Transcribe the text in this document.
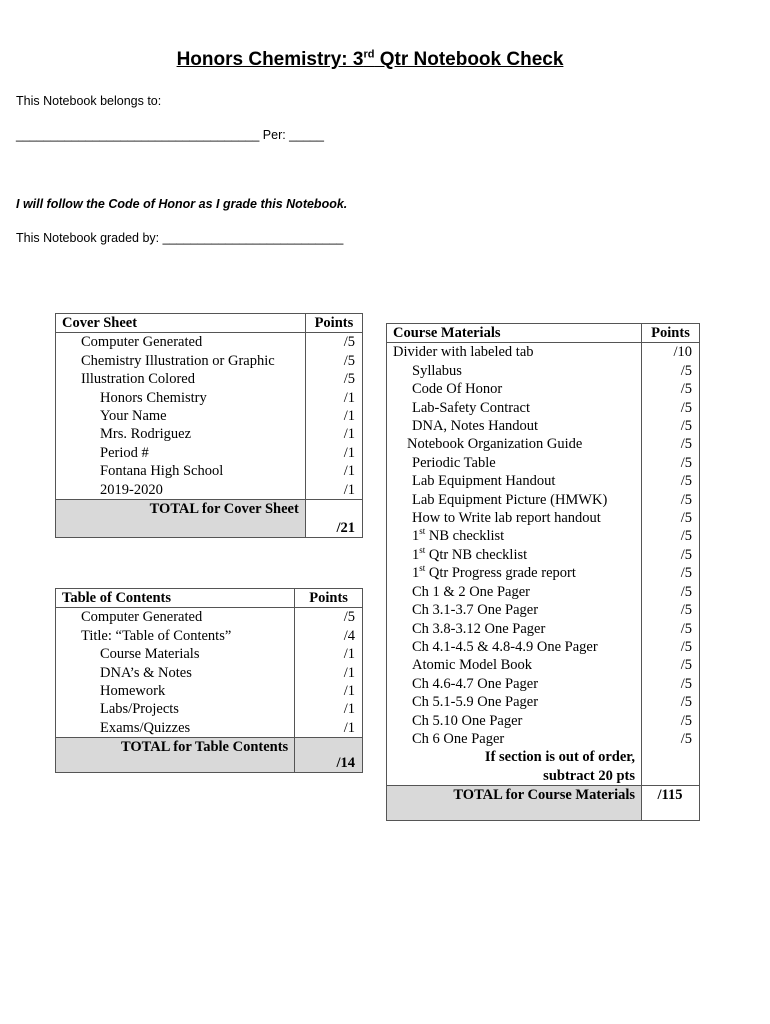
Honors Chemistry: 3rd Qtr Notebook Check
This Notebook belongs to:
___________________________________ Per: _____
I will follow the Code of Honor as I grade this Notebook.
This Notebook graded by: __________________________
Cover Sheet	Points
Computer Generated	/5
Chemistry Illustration or Graphic	/5
Illustration Colored	/5
Honors Chemistry	/1
Your Name	/1
Mrs. Rodriguez	/1
Period #	/1
Fontana High School	/1
2019-2020	/1
TOTAL for Cover Sheet	/21
Table of Contents	Points
Computer Generated	/5
Title: “Table of Contents”	/4
Course Materials	/1
DNA’s & Notes	/1
Homework	/1
Labs/Projects	/1
Exams/Quizzes	/1
TOTAL for Table Contents	/14
Course Materials	Points
Divider with labeled tab	/10
Syllabus	/5
Code Of Honor	/5
Lab-Safety Contract	/5
DNA, Notes Handout	/5
Notebook Organization Guide	/5
Periodic Table	/5
Lab Equipment Handout	/5
Lab Equipment Picture (HMWK)	/5
How to Write lab report handout	/5
1st NB checklist	/5
1st Qtr NB checklist	/5
1st Qtr Progress grade report	/5
Ch 1 & 2 One Pager	/5
Ch 3.1-3.7 One Pager	/5
Ch 3.8-3.12 One Pager	/5
Ch 4.1-4.5 & 4.8-4.9 One Pager	/5
Atomic Model Book	/5
Ch 4.6-4.7 One Pager	/5
Ch 5.1-5.9 One Pager	/5
Ch 5.10 One Pager	/5
Ch 6 One Pager	/5
If section is out of order,
subtract 20 pts	
TOTAL for Course Materials	/115
